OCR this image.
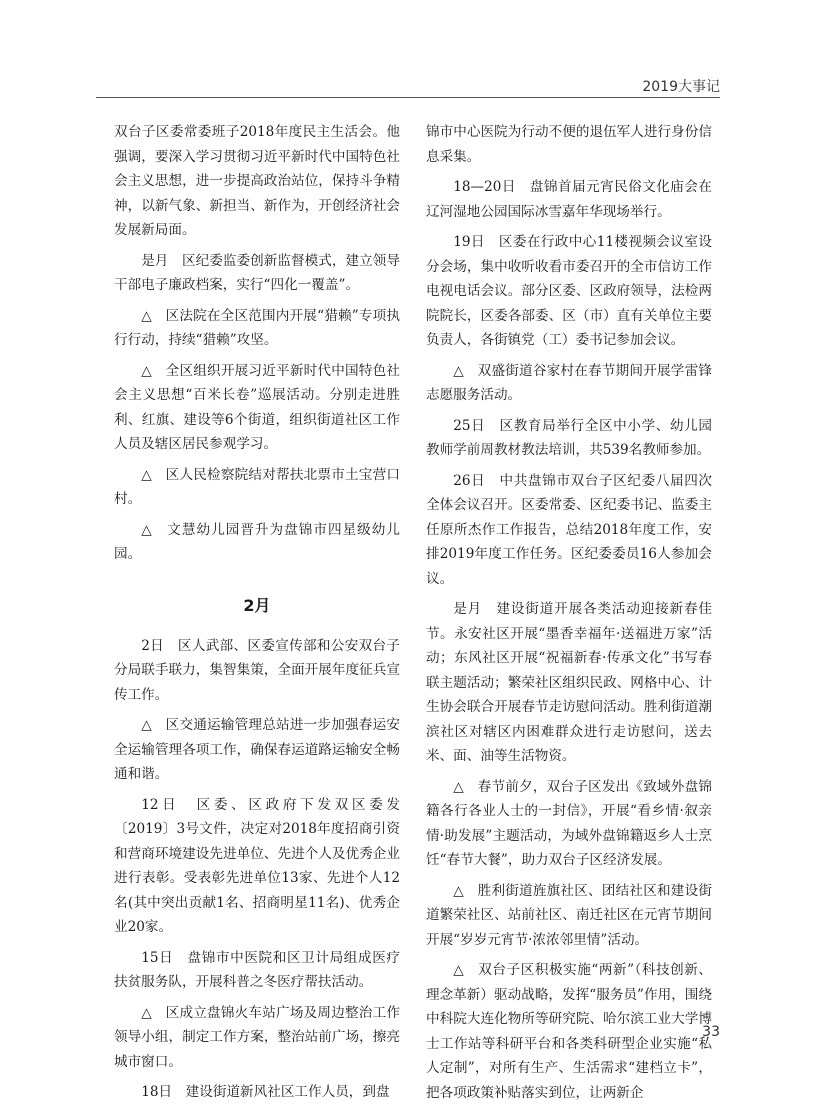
2019大事记

双台子区委常委班子2018年度民主生活会。他强调，要深入学习贯彻习近平新时代中国特色社会主义思想，进一步提高政治站位，保持斗争精神，以新气象、新担当、新作为，开创经济社会发展新局面。

是月　区纪委监委创新监督模式，建立领导干部电子廉政档案，实行“四化一覆盖”。

△　区法院在全区范围内开展“猎赖”专项执行行动，持续“猎赖”攻坚。

△　全区组织开展习近平新时代中国特色社会主义思想“百米长卷”巡展活动。分别走进胜利、红旗、建设等6个街道，组织街道社区工作人员及辖区居民参观学习。

△　区人民检察院结对帮扶北票市土宝营口村。

△　文慧幼儿园晋升为盘锦市四星级幼儿园。

2月

2日　区人武部、区委宣传部和公安双台子分局联手联力，集智集策，全面开展年度征兵宣传工作。

△　区交通运输管理总站进一步加强春运安全运输管理各项工作，确保春运道路运输安全畅通和谐。

12日　区委、区政府下发双区委发〔2019〕3号文件，决定对2018年度招商引资和营商环境建设先进单位、先进个人及优秀企业进行表彰。受表彰先进单位13家、先进个人12名(其中突出贡献1名、招商明星11名)、优秀企业20家。

15日　盘锦市中医院和区卫计局组成医疗扶贫服务队，开展科普之冬医疗帮扶活动。

△　区成立盘锦火车站广场及周边整治工作领导小组，制定工作方案，整治站前广场，擦亮城市窗口。

18日　建设街道新风社区工作人员，到盘

锦市中心医院为行动不便的退伍军人进行身份信息采集。

18—20日　盘锦首届元宵民俗文化庙会在辽河湿地公园国际冰雪嘉年华现场举行。

19日　区委在行政中心11楼视频会议室设分会场，集中收听收看市委召开的全市信访工作电视电话会议。部分区委、区政府领导，法检两院院长，区委各部委、区（市）直有关单位主要负责人，各街镇党（工）委书记参加会议。

△　双盛街道谷家村在春节期间开展学雷锋志愿服务活动。

25日　区教育局举行全区中小学、幼儿园教师学前周教材教法培训，共539名教师参加。

26日　中共盘锦市双台子区纪委八届四次全体会议召开。区委常委、区纪委书记、监委主任原所杰作工作报告，总结2018年度工作，安排2019年度工作任务。区纪委委员16人参加会议。

是月　建设街道开展各类活动迎接新春佳节。永安社区开展“墨香幸福年·送福进万家”活动；东风社区开展“祝福新春·传承文化”书写春联主题活动；繁荣社区组织民政、网格中心、计生协会联合开展春节走访慰问活动。胜利街道潮滨社区对辖区内困难群众进行走访慰问，送去米、面、油等生活物资。

△　春节前夕，双台子区发出《致域外盘锦籍各行各业人士的一封信》，开展“看乡情·叙亲情·助发展”主题活动，为域外盘锦籍返乡人士烹饪“春节大餐”，助力双台子区经济发展。

△　胜利街道旌旗社区、团结社区和建设街道繁荣社区、站前社区、南迁社区在元宵节期间开展“岁岁元宵节·浓浓邻里情”活动。

△　双台子区积极实施“两新”（科技创新、理念革新）驱动战略，发挥“服务员”作用，围绕中科院大连化物所等研究院、哈尔滨工业大学博士工作站等科研平台和各类科研型企业实施“私人定制”，对所有生产、生活需求“建档立卡”，把各项政策补贴落实到位，让两新企

33
